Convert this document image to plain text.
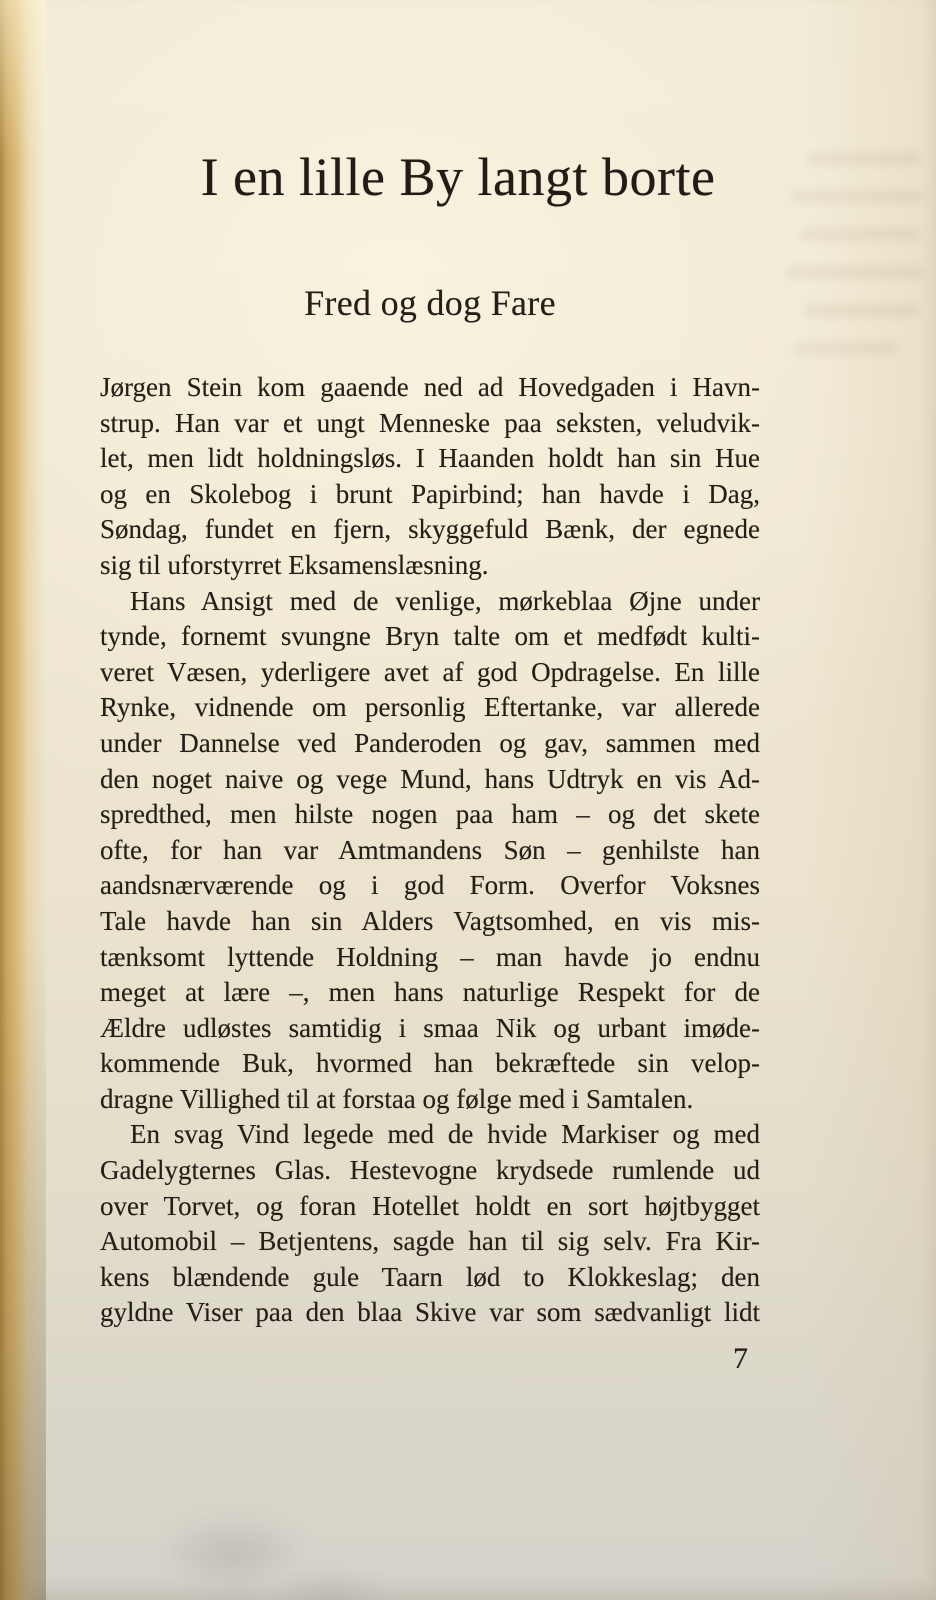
I en lille By langt borte
Fred og dog Fare
Jørgen Stein kom gaaende ned ad Hovedgaden i Havn-
strup. Han var et ungt Menneske paa seksten, veludvik-
let, men lidt holdningsløs. I Haanden holdt han sin Hue
og en Skolebog i brunt Papirbind; han havde i Dag,
Søndag, fundet en fjern, skyggefuld Bænk, der egnede
sig til uforstyrret Eksamenslæsning.
Hans Ansigt med de venlige, mørkeblaa Øjne under
tynde, fornemt svungne Bryn talte om et medfødt kulti-
veret Væsen, yderligere avet af god Opdragelse. En lille
Rynke, vidnende om personlig Eftertanke, var allerede
under Dannelse ved Panderoden og gav, sammen med
den noget naive og vege Mund, hans Udtryk en vis Ad-
spredthed, men hilste nogen paa ham – og det skete
ofte, for han var Amtmandens Søn – genhilste han
aandsnærværende og i god Form. Overfor Voksnes
Tale havde han sin Alders Vagtsomhed, en vis mis-
tænksomt lyttende Holdning – man havde jo endnu
meget at lære –, men hans naturlige Respekt for de
Ældre udløstes samtidig i smaa Nik og urbant imøde-
kommende Buk, hvormed han bekræftede sin velop-
dragne Villighed til at forstaa og følge med i Samtalen.
En svag Vind legede med de hvide Markiser og med
Gadelygternes Glas. Hestevogne krydsede rumlende ud
over Torvet, og foran Hotellet holdt en sort højtbygget
Automobil – Betjentens, sagde han til sig selv. Fra Kir-
kens blændende gule Taarn lød to Klokkeslag; den
gyldne Viser paa den blaa Skive var som sædvanligt lidt
7
